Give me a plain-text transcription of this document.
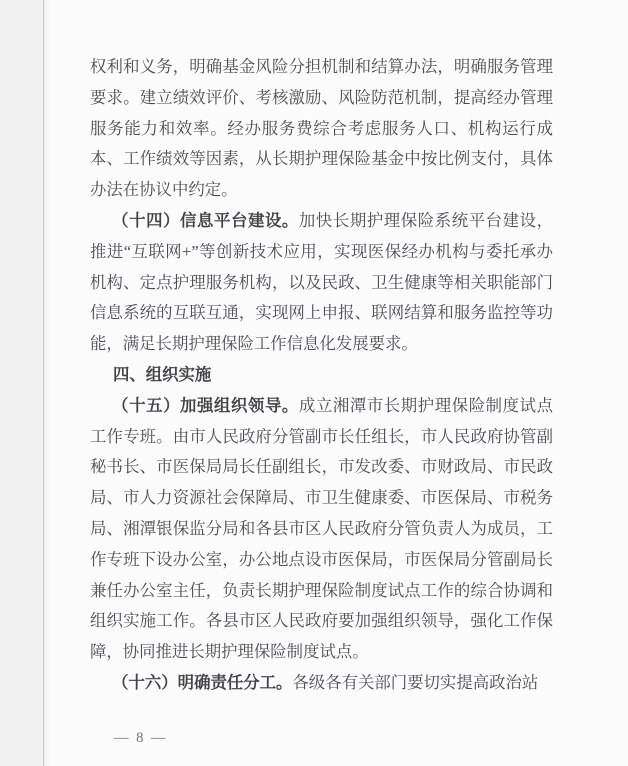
权利和义务，明确基金风险分担机制和结算办法，明确服务管理要求。建立绩效评价、考核激励、风险防范机制，提高经办管理服务能力和效率。经办服务费综合考虑服务人口、机构运行成本、工作绩效等因素，从长期护理保险基金中按比例支付，具体办法在协议中约定。

（十四）信息平台建设。加快长期护理保险系统平台建设，推进“互联网+”等创新技术应用，实现医保经办机构与委托承办机构、定点护理服务机构，以及民政、卫生健康等相关职能部门信息系统的互联互通，实现网上申报、联网结算和服务监控等功能，满足长期护理保险工作信息化发展要求。

四、组织实施

（十五）加强组织领导。成立湘潭市长期护理保险制度试点工作专班。由市人民政府分管副市长任组长，市人民政府协管副秘书长、市医保局局长任副组长，市发改委、市财政局、市民政局、市人力资源社会保障局、市卫生健康委、市医保局、市税务局、湘潭银保监分局和各县市区人民政府分管负责人为成员，工作专班下设办公室，办公地点设市医保局，市医保局分管副局长兼任办公室主任，负责长期护理保险制度试点工作的综合协调和组织实施工作。各县市区人民政府要加强组织领导，强化工作保障，协同推进长期护理保险制度试点。

（十六）明确责任分工。各级各有关部门要切实提高政治站

— 8 —
